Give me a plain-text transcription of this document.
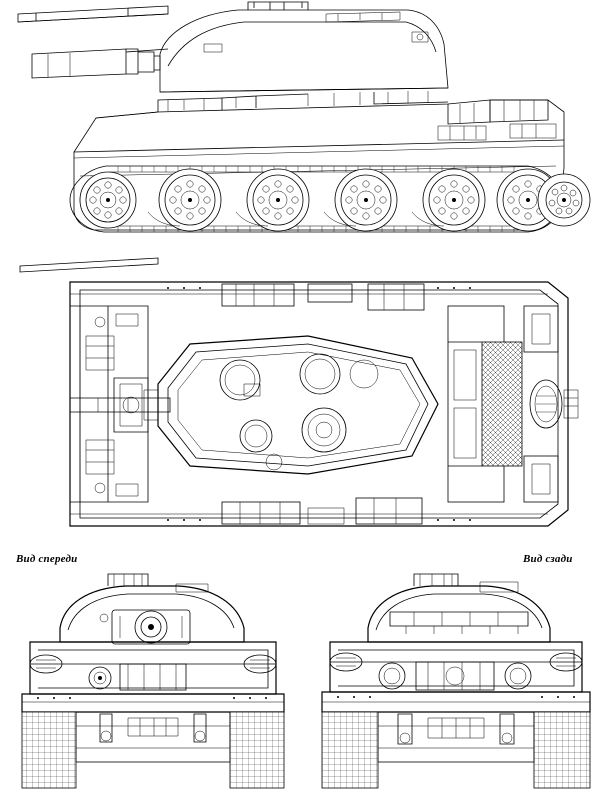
Вид спереди	Вид сзади
